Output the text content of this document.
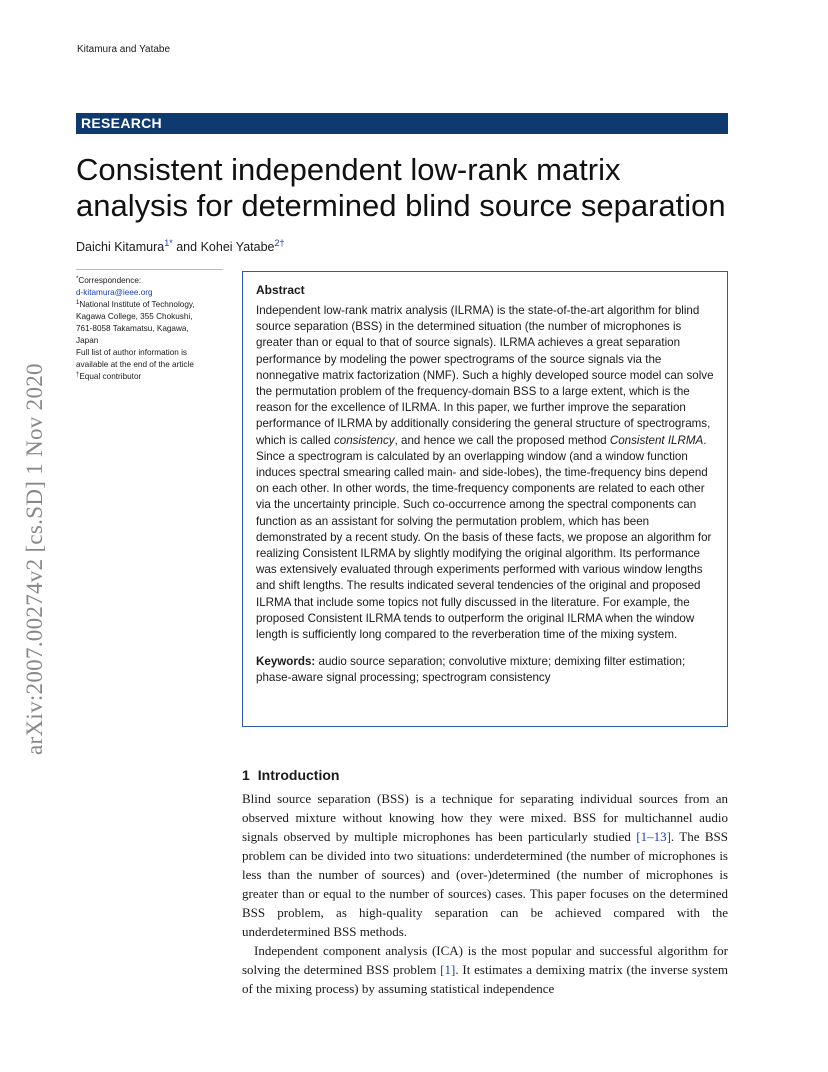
Kitamura and Yatabe
RESEARCH
Consistent independent low-rank matrix analysis for determined blind source separation
Daichi Kitamura$^{1*}$ and Kohei Yatabe$^{2\dagger}$
*Correspondence:
d-kitamura@ieee.org
$^1$National Institute of Technology,
Kagawa College, 355 Chokushi,
761-8058 Takamatsu, Kagawa,
Japan
Full list of author information is
available at the end of the article
†Equal contributor
arXiv:2007.00274v2 [cs.SD] 1 Nov 2020
Abstract

Independent low-rank matrix analysis (ILRMA) is the state-of-the-art algorithm for blind source separation (BSS) in the determined situation (the number of microphones is greater than or equal to that of source signals). ILRMA achieves a great separation performance by modeling the power spectrograms of the source signals via the nonnegative matrix factorization (NMF). Such a highly developed source model can solve the permutation problem of the frequency-domain BSS to a large extent, which is the reason for the excellence of ILRMA. In this paper, we further improve the separation performance of ILRMA by additionally considering the general structure of spectrograms, which is called consistency, and hence we call the proposed method Consistent ILRMA. Since a spectrogram is calculated by an overlapping window (and a window function induces spectral smearing called main- and side-lobes), the time-frequency bins depend on each other. In other words, the time-frequency components are related to each other via the uncertainty principle. Such co-occurrence among the spectral components can function as an assistant for solving the permutation problem, which has been demonstrated by a recent study. On the basis of these facts, we propose an algorithm for realizing Consistent ILRMA by slightly modifying the original algorithm. Its performance was extensively evaluated through experiments performed with various window lengths and shift lengths. The results indicated several tendencies of the original and proposed ILRMA that include some topics not fully discussed in the literature. For example, the proposed Consistent ILRMA tends to outperform the original ILRMA when the window length is sufficiently long compared to the reverberation time of the mixing system.

Keywords: audio source separation; convolutive mixture; demixing filter estimation; phase-aware signal processing; spectrogram consistency
1 Introduction

Blind source separation (BSS) is a technique for separating individual sources from an observed mixture without knowing how they were mixed. BSS for multichannel audio signals observed by multiple microphones has been particularly studied [1–13]. The BSS problem can be divided into two situations: underdetermined (the number of microphones is less than the number of sources) and (over-)determined (the number of microphones is greater than or equal to the number of sources) cases. This paper focuses on the determined BSS problem, as high-quality separation can be achieved compared with the underdetermined BSS methods.

Independent component analysis (ICA) is the most popular and successful algorithm for solving the determined BSS problem [1]. It estimates a demixing matrix (the inverse system of the mixing process) by assuming statistical independence
